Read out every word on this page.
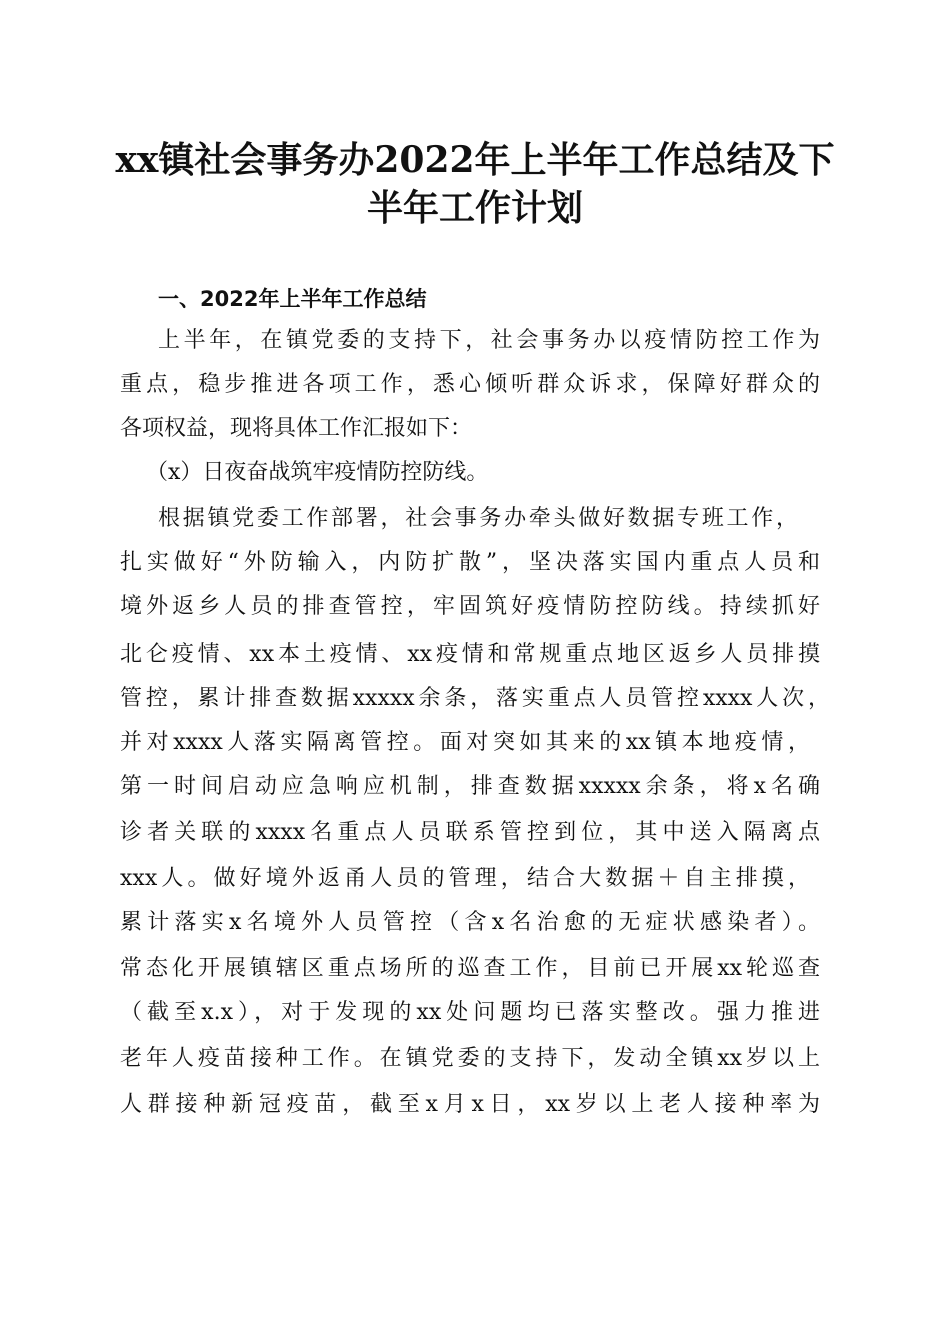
xx镇社会事务办2022年上半年工作总结及下
半年工作计划
一、2022年上半年工作总结
上半年，在镇党委的支持下，社会事务办以疫情防控工作为
重点，稳步推进各项工作，悉心倾听群众诉求，保障好群众的
各项权益，现将具体工作汇报如下：
（x）日夜奋战筑牢疫情防控防线。
根据镇党委工作部署，社会事务办牵头做好数据专班工作，
扎实做好“外防输入，内防扩散”，坚决落实国内重点人员和
境外返乡人员的排查管控，牢固筑好疫情防控防线。持续抓好
北仑疫情、xx本土疫情、xx疫情和常规重点地区返乡人员排摸
管控，累计排查数据xxxxx余条，落实重点人员管控xxxx人次，
并对xxxx人落实隔离管控。面对突如其来的xx镇本地疫情，
第一时间启动应急响应机制，排查数据xxxxx余条，将x名确
诊者关联的xxxx名重点人员联系管控到位，其中送入隔离点
xxx人。做好境外返甬人员的管理，结合大数据＋自主排摸，
累计落实x名境外人员管控（含x名治愈的无症状感染者）。
常态化开展镇辖区重点场所的巡查工作，目前已开展xx轮巡查
（截至x.x），对于发现的xx处问题均已落实整改。强力推进
老年人疫苗接种工作。在镇党委的支持下，发动全镇xx岁以上
人群接种新冠疫苗，截至x月x日，xx岁以上老人接种率为
